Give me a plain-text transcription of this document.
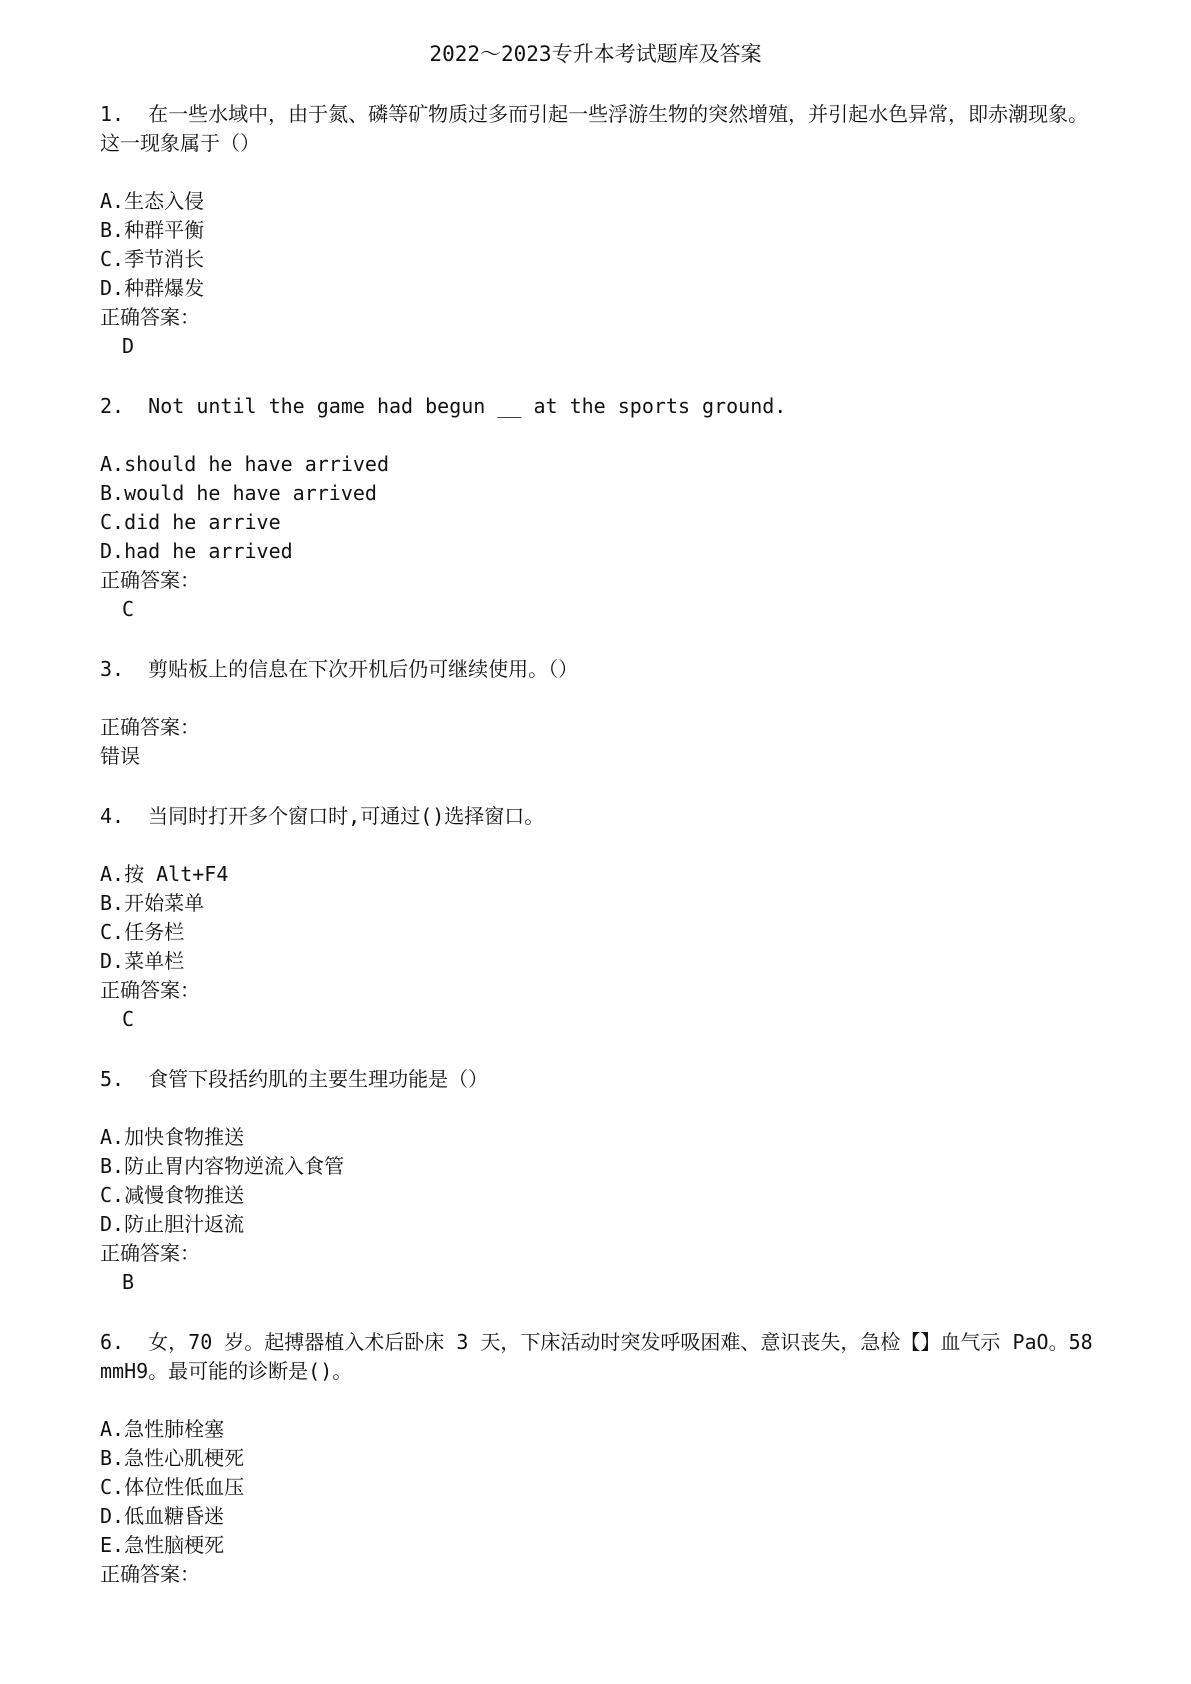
2022～2023专升本考试题库及答案

1.  在一些水域中，由于氮、磷等矿物质过多而引起一些浮游生物的突然增殖，并引起水色异常，即赤潮现象。这一现象属于（）

A.生态入侵

B.种群平衡

C.季节消长

D.种群爆发

正确答案：

D

2.  Not until the game had begun __ at the sports ground.

A.should he have arrived

B.would he have arrived

C.did he arrive

D.had he arrived

正确答案：

C

3.  剪贴板上的信息在下次开机后仍可继续使用。（）

正确答案：

错误

4.  当同时打开多个窗口时,可通过()选择窗口。

A.按 Alt+F4

B.开始菜单

C.任务栏

D.菜单栏

正确答案：

C

5.  食管下段括约肌的主要生理功能是（）

A.加快食物推送

B.防止胃内容物逆流入食管

C.减慢食物推送

D.防止胆汁返流

正确答案：

B

6.  女，70 岁。起搏器植入术后卧床 3 天，下床活动时突发呼吸困难、意识丧失，急检【】血气示 PaO。58mmH9。最可能的诊断是()。

A.急性肺栓塞

B.急性心肌梗死

C.体位性低血压

D.低血糖昏迷

E.急性脑梗死

正确答案：
